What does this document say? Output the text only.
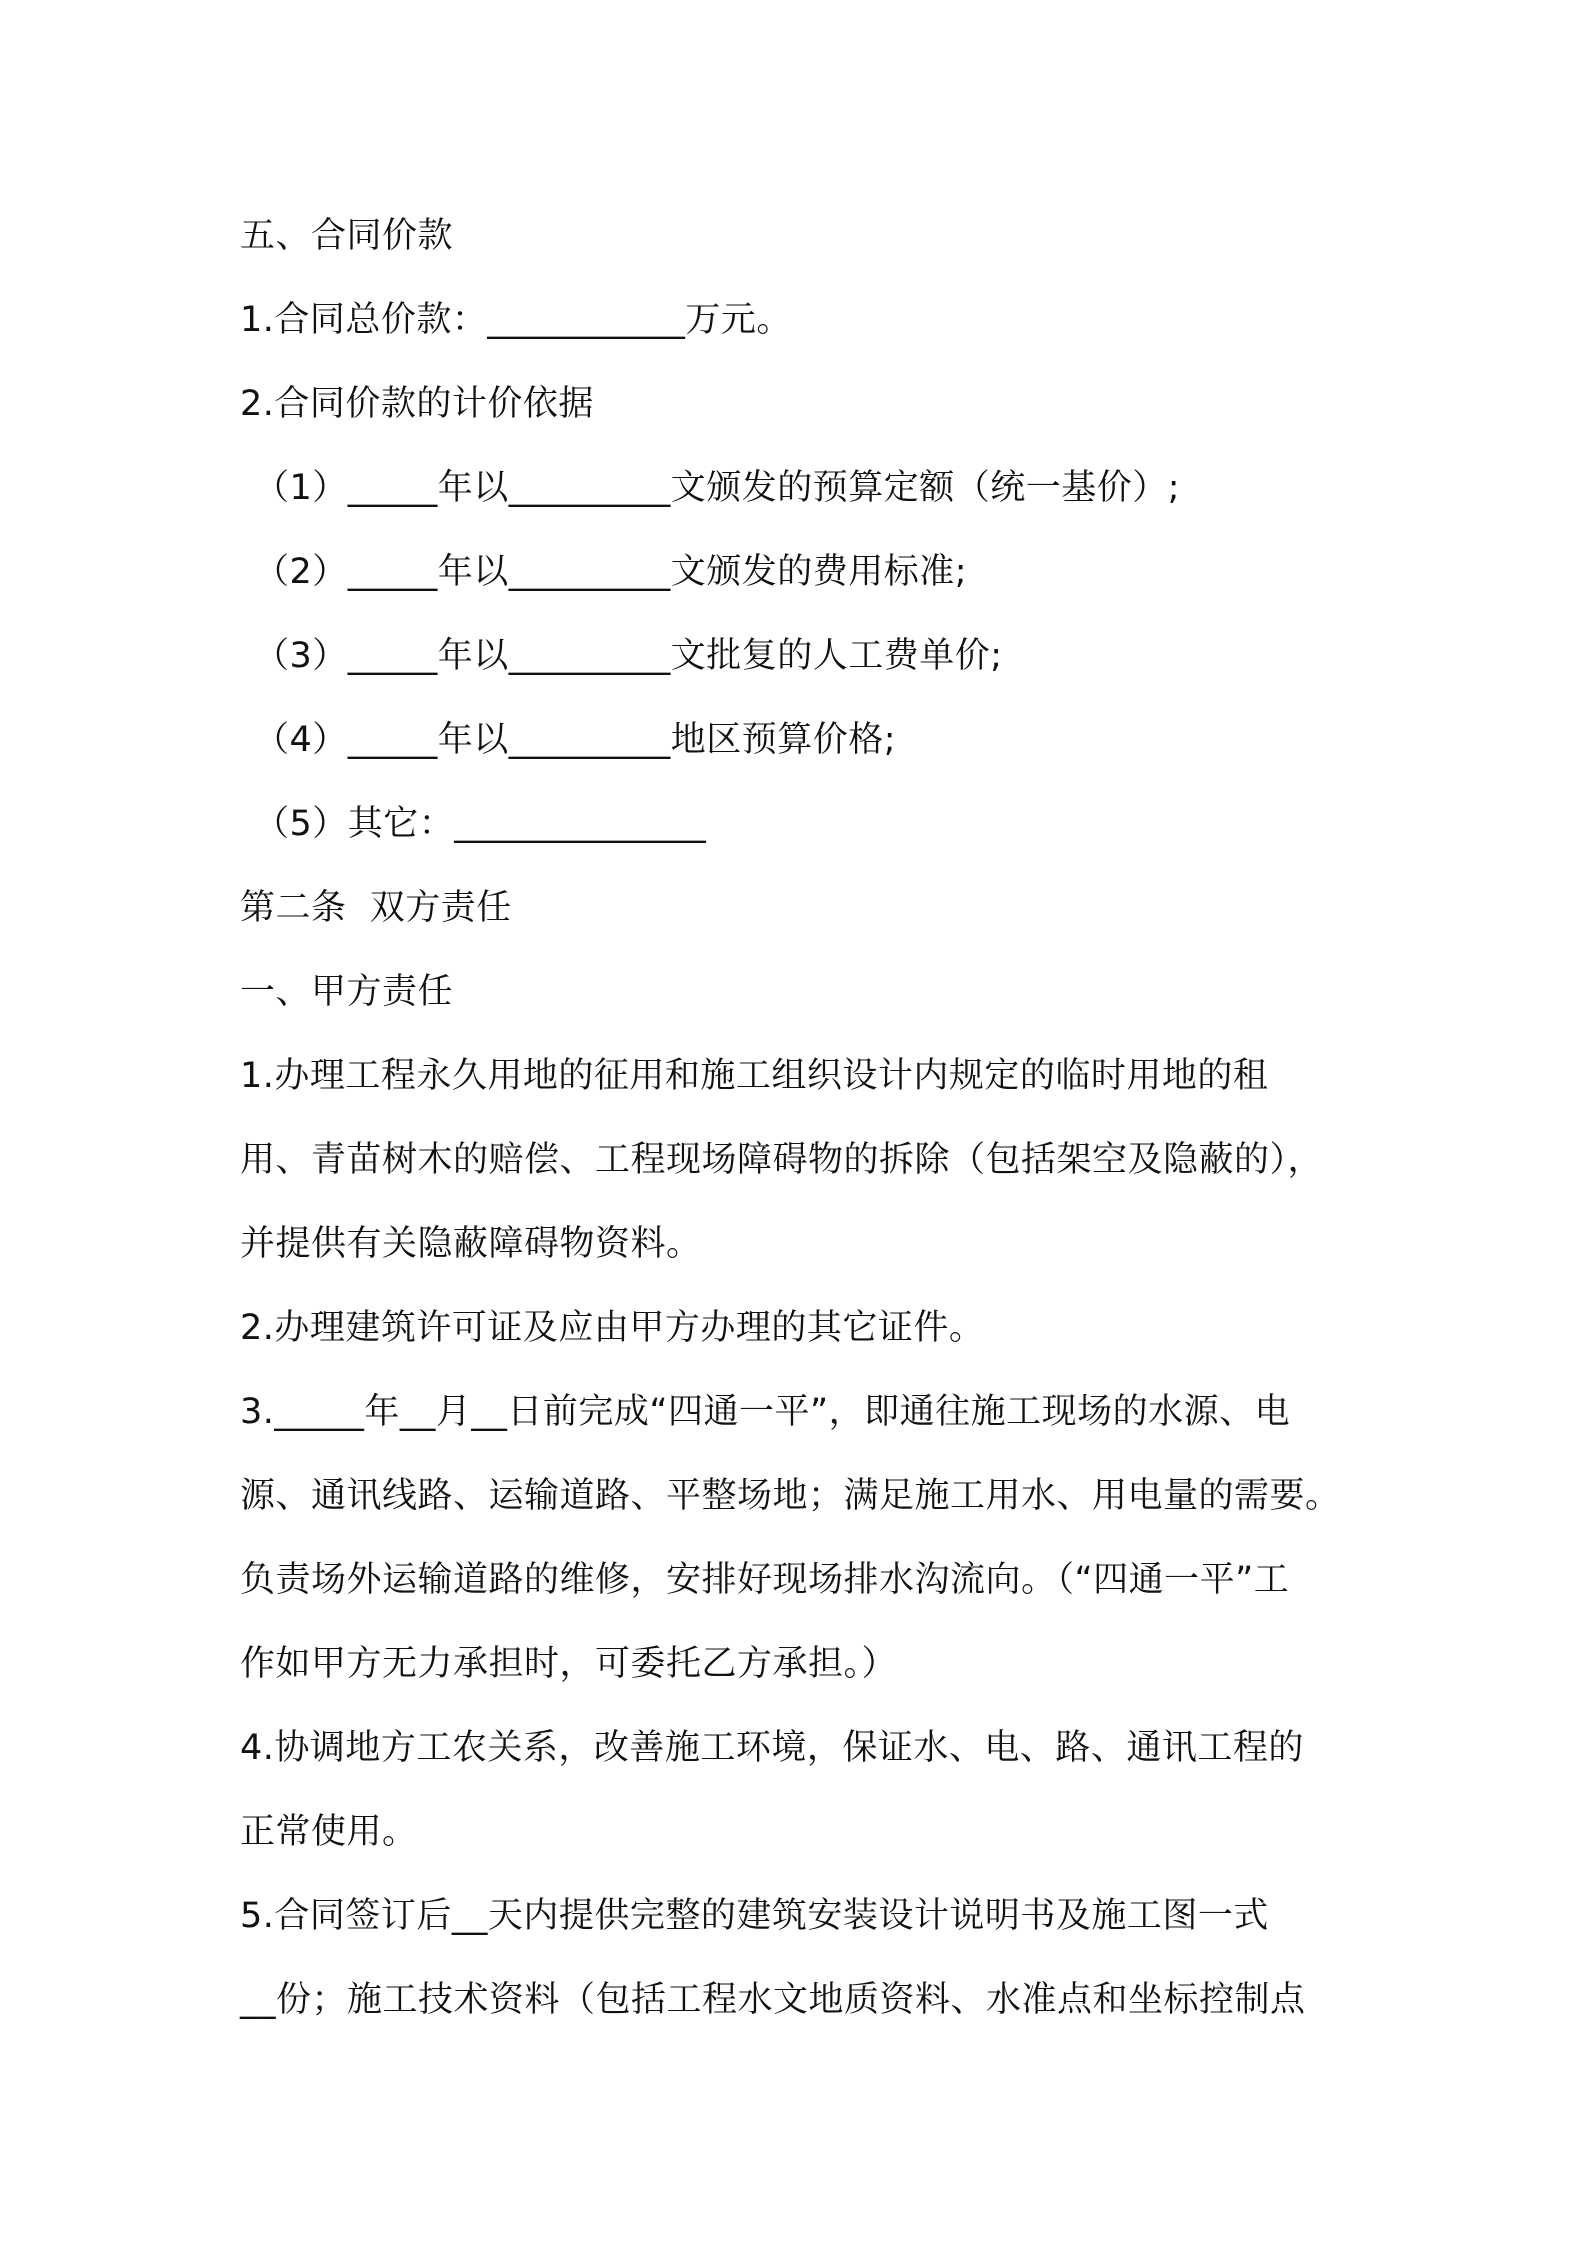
五、合同价款
1.合同总价款：___________万元。
2.合同价款的计价依据
（1）_____年以_________文颁发的预算定额（统一基价）;
（2）_____年以_________文颁发的费用标准;
（3）_____年以_________文批复的人工费单价;
（4）_____年以_________地区预算价格;
（5）其它：______________
第二条  双方责任
一、甲方责任
1.办理工程永久用地的征用和施工组织设计内规定的临时用地的租
用、青苗树木的赔偿、工程现场障碍物的拆除（包括架空及隐蔽的），
并提供有关隐蔽障碍物资料。
2.办理建筑许可证及应由甲方办理的其它证件。
3._____年__月__日前完成“四通一平”，即通往施工现场的水源、电
源、通讯线路、运输道路、平整场地；满足施工用水、用电量的需要。
负责场外运输道路的维修，安排好现场排水沟流向。（“四通一平”工
作如甲方无力承担时，可委托乙方承担。）
4.协调地方工农关系，改善施工环境，保证水、电、路、通讯工程的
正常使用。
5.合同签订后__天内提供完整的建筑安装设计说明书及施工图一式
__份；施工技术资料（包括工程水文地质资料、水准点和坐标控制点
